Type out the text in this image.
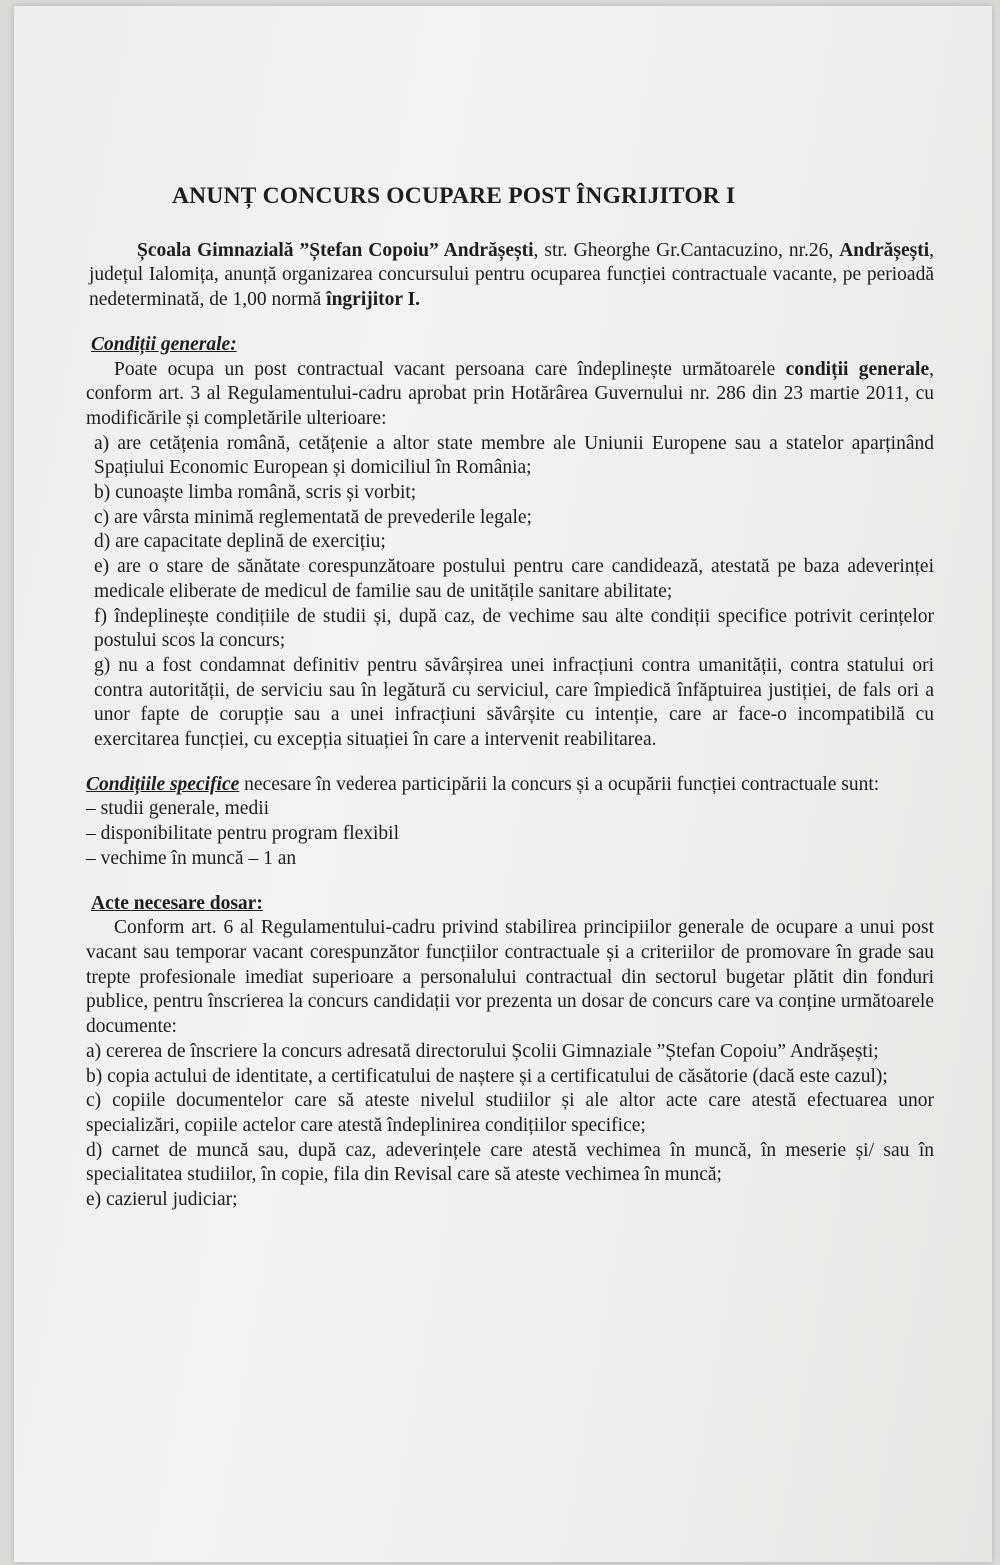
ANUNȚ CONCURS OCUPARE POST ÎNGRIJITOR I

Școala Gimnazială ”Ștefan Copoiu” Andrășești, str. Gheorghe Gr.Cantacuzino, nr.26, Andrășești, județul Ialomița, anunță organizarea concursului pentru ocuparea funcției contractuale vacante, pe perioadă nedeterminată, de 1,00 normă îngrijitor I.

Condiții generale:

Poate ocupa un post contractual vacant persoana care îndeplinește următoarele condiții generale, conform art. 3 al Regulamentului-cadru aprobat prin Hotărârea Guvernului nr. 286 din 23 martie 2011, cu modificările și completările ulterioare:

a) are cetățenia română, cetățenie a altor state membre ale Uniunii Europene sau a statelor aparținând Spațiului Economic European și domiciliul în România;

b) cunoaște limba română, scris și vorbit;

c) are vârsta minimă reglementată de prevederile legale;

d) are capacitate deplină de exercițiu;

e) are o stare de sănătate corespunzătoare postului pentru care candidează, atestată pe baza adeverinței medicale eliberate de medicul de familie sau de unitățile sanitare abilitate;

f) îndeplinește condițiile de studii și, după caz, de vechime sau alte condiții specifice potrivit cerințelor postului scos la concurs;

g) nu a fost condamnat definitiv pentru săvârșirea unei infracțiuni contra umanității, contra statului ori contra autorității, de serviciu sau în legătură cu serviciul, care împiedică înfăptuirea justiției, de fals ori a unor fapte de corupție sau a unei infracțiuni săvârșite cu intenție, care ar face-o incompatibilă cu exercitarea funcției, cu excepția situației în care a intervenit reabilitarea.

Condițiile specifice necesare în vederea participării la concurs și a ocupării funcției contractuale sunt:

– studii generale, medii

– disponibilitate pentru program flexibil

– vechime în muncă – 1 an

Acte necesare dosar:

Conform art. 6 al Regulamentului-cadru privind stabilirea principiilor generale de ocupare a unui post vacant sau temporar vacant corespunzător funcțiilor contractuale și a criteriilor de promovare în grade sau trepte profesionale imediat superioare a personalului contractual din sectorul bugetar plătit din fonduri publice, pentru înscrierea la concurs candidații vor prezenta un dosar de concurs care va conține următoarele documente:

a) cererea de înscriere la concurs adresată directorului Școlii Gimnaziale ”Ștefan Copoiu” Andrășești;

b) copia actului de identitate, a certificatului de naștere și a certificatului de căsătorie (dacă este cazul);

c) copiile documentelor care să ateste nivelul studiilor și ale altor acte care atestă efectuarea unor specializări, copiile actelor care atestă îndeplinirea condițiilor specifice;

d) carnet de muncă sau, după caz, adeverințele care atestă vechimea în muncă, în meserie și/ sau în specialitatea studiilor, în copie, fila din Revisal care să ateste vechimea în muncă;

e) cazierul judiciar;
